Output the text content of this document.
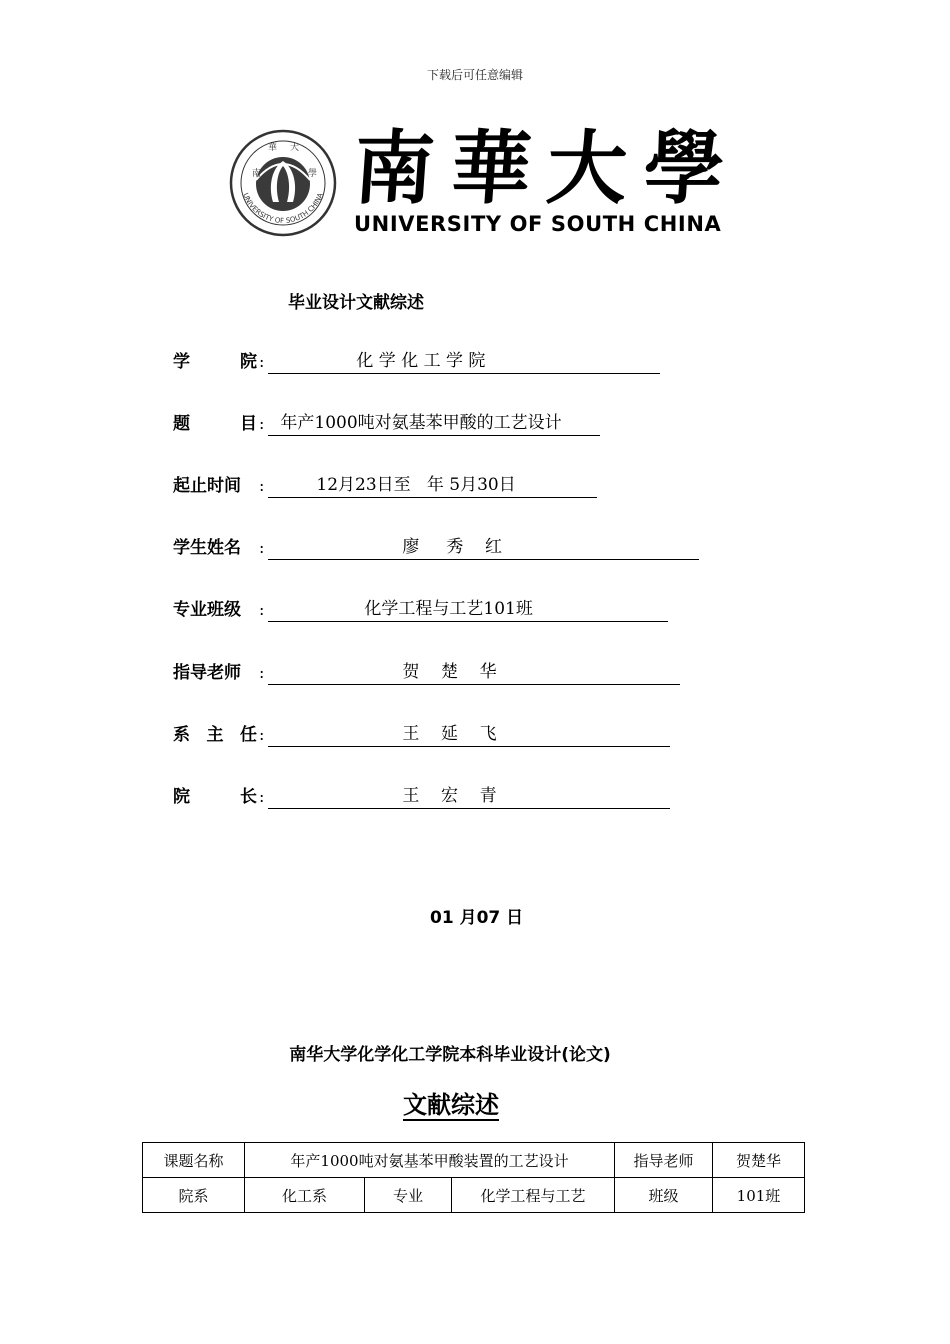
下载后可任意编辑
UNIVERSITY OF SOUTH CHINA
南	學
華 大 南 華 大 學
UNIVERSITY OF SOUTH CHINA
毕业设计文献综述
学	院 :	化 学 化 工 学 院
题	目 : 年产1000吨对氨基苯甲酸的工艺设计
起止时间	:	12月23日至   年 5月30日
学生姓名	:	廖     秀    红
专业班级	:	化学工程与工艺101班
指导老师	:	贺    楚    华
系 主 任 :	王    延    飞
院	长 :	王    宏    青
01 月07 日
南华大学化学化工学院本科毕业设计(论文)
文献综述
课题名称	年产1000吨对氨基苯甲酸装置的工艺设计			指导老师	贺楚华
院系	化工系	专业	化学工程与工艺	班级	101班
